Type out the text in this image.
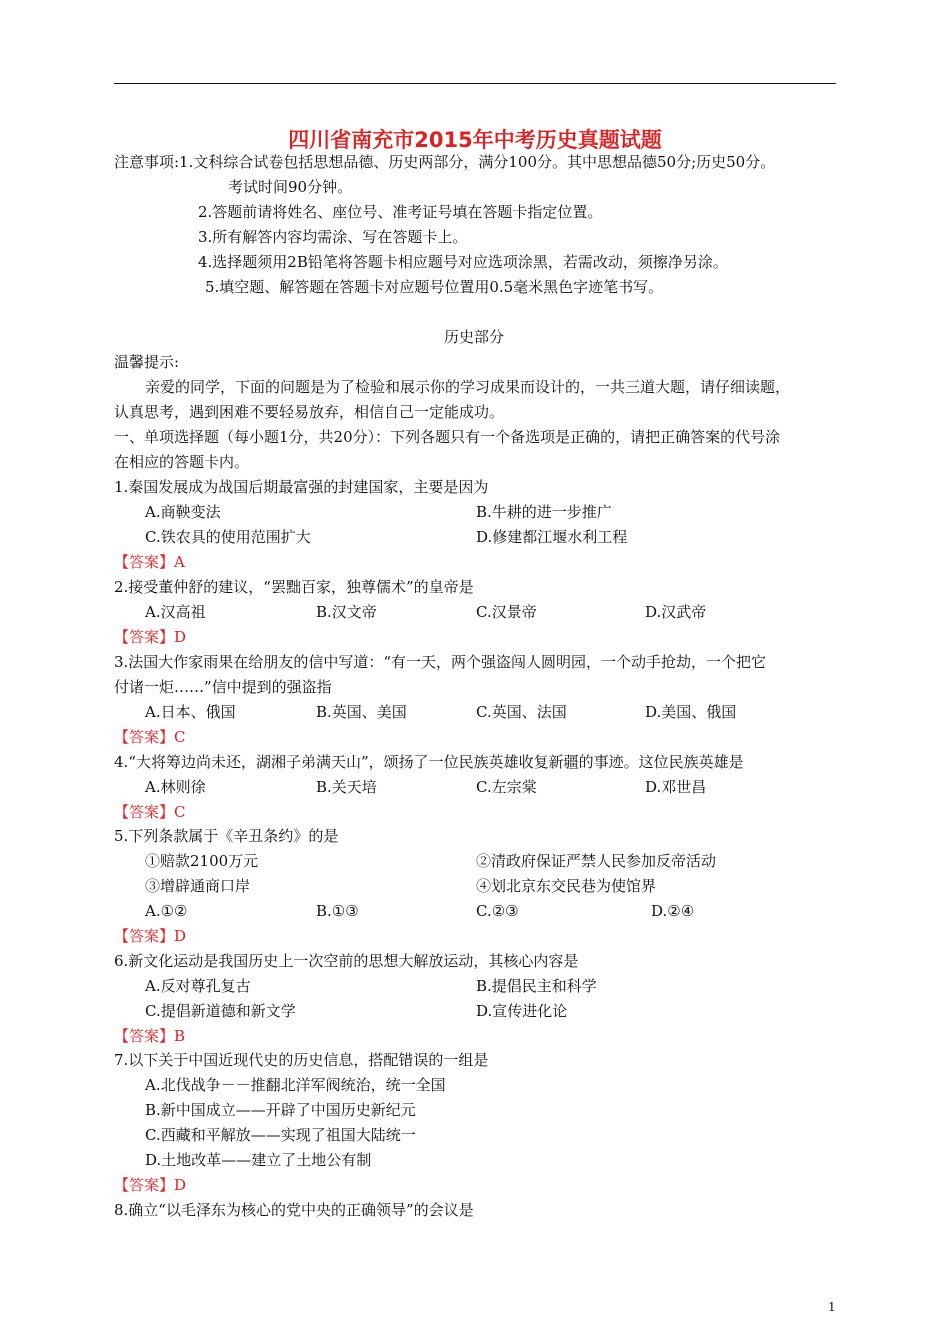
四川省南充市2015年中考历史真题试题
注意事项:1.文科综合试卷包括思想品德、历史两部分，满分100分。其中思想品德50分;历史50分。
考试时间90分钟。
2.答题前请将姓名、座位号、准考证号填在答题卡指定位置。
3.所有解答内容均需涂、写在答题卡上。
4.选择题须用2B铅笔将答题卡相应题号对应选项涂黑，若需改动，须擦净另涂。
5.填空题、解答题在答题卡对应题号位置用0.5毫米黑色字迹笔书写。
历史部分
温馨提示:
亲爱的同学，下面的问题是为了检验和展示你的学习成果而设计的，一共三道大题，请仔细读题，
认真思考，遇到困难不要轻易放弃，相信自己一定能成功。
一、单项选择题（每小题1分，共20分）：下列各题只有一个备选项是正确的，请把正确答案的代号涂
在相应的答题卡内。
1.秦国发展成为战国后期最富强的封建国家，主要是因为
A.商鞅变法	B.牛耕的进一步推广
C.铁农具的使用范围扩大	D.修建都江堰水利工程
【答案】A
2.接受董仲舒的建议，“罢黜百家，独尊儒术”的皇帝是
A.汉高祖	B.汉文帝	C.汉景帝	D.汉武帝
【答案】D
3.法国大作家雨果在给朋友的信中写道：“有一天，两个强盗闯人圆明园，一个动手抢劫，一个把它
付诸一炬……”信中提到的强盗指
A.日本、俄国	B.英国、美国	C.英国、法国	D.美国、俄国
【答案】C
4.“大将筹边尚未还，湖湘子弟满天山”，颂扬了一位民族英雄收复新疆的事迹。这位民族英雄是
A.林则徐	B.关天培	C.左宗棠	D.邓世昌
【答案】C
5.下列条款属于《辛丑条约》的是
①赔款2100万元	②清政府保证严禁人民参加反帝活动
③增辟通商口岸	④划北京东交民巷为使馆界
A.①②	B.①③	C.②③	D.②④
【答案】D
6.新文化运动是我国历史上一次空前的思想大解放运动，其核心内容是
A.反对尊孔复古	B.提倡民主和科学
C.提倡新道德和新文学	D.宣传进化论
【答案】B
7.以下关于中国近现代史的历史信息，搭配错误的一组是
A.北伐战争－－推翻北洋军阀统治，统一全国
B.新中国成立——开辟了中国历史新纪元
C.西藏和平解放——实现了祖国大陆统一
D.土地改革——建立了土地公有制
【答案】D
8.确立“以毛泽东为核心的党中央的正确领导”的会议是
1
